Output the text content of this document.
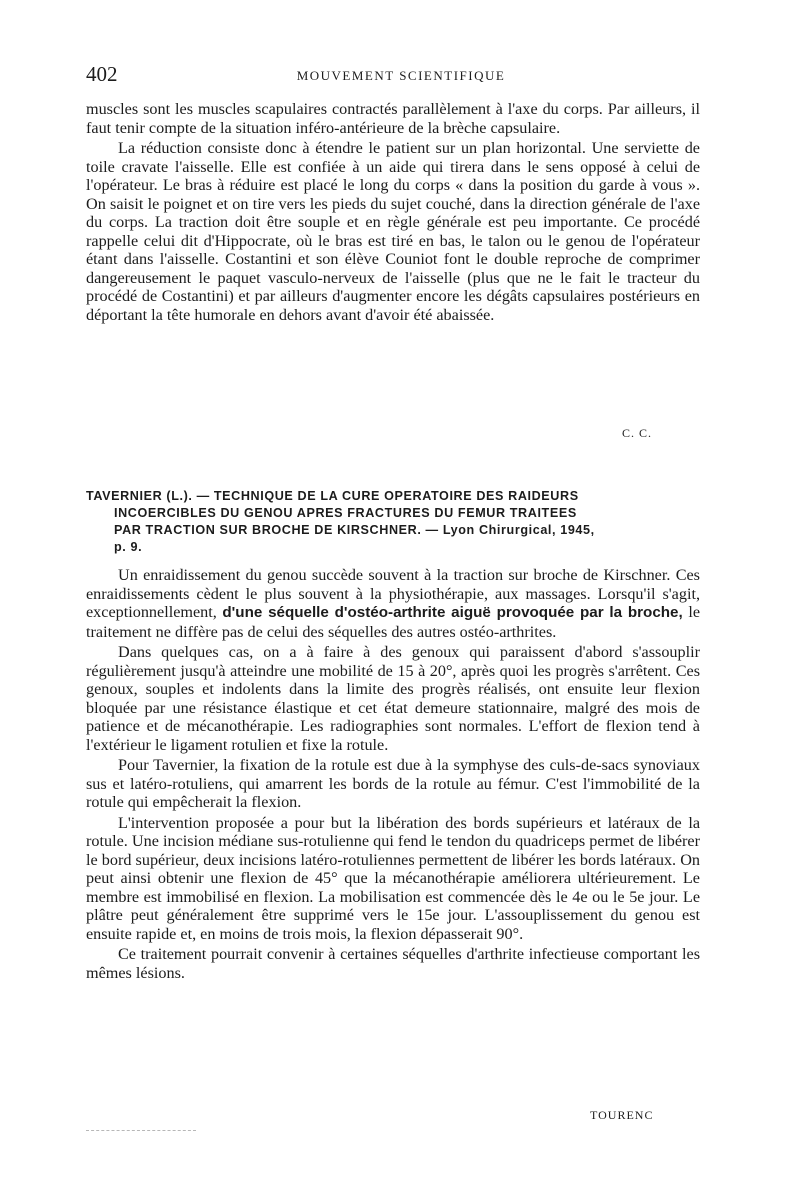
402	MOUVEMENT SCIENTIFIQUE

muscles sont les muscles scapulaires contractés parallèlement à l'axe du corps. Par ailleurs, il faut tenir compte de la situation inféro-antérieure de la brèche capsulaire.

La réduction consiste donc à étendre le patient sur un plan horizontal. Une serviette de toile cravate l'aisselle. Elle est confiée à un aide qui tirera dans le sens opposé à celui de l'opérateur. Le bras à réduire est placé le long du corps « dans la position du garde à vous ». On saisit le poignet et on tire vers les pieds du sujet couché, dans la direction générale de l'axe du corps. La traction doit être souple et en règle générale est peu importante. Ce procédé rappelle celui dit d'Hippocrate, où le bras est tiré en bas, le talon ou le genou de l'opérateur étant dans l'aisselle. Costantini et son élève Couniot font le double reproche de comprimer dangereusement le paquet vasculo-nerveux de l'aisselle (plus que ne le fait le tracteur du procédé de Costantini) et par ailleurs d'augmenter encore les dégâts capsulaires postérieurs en déportant la tête humorale en dehors avant d'avoir été abaissée.

C. C.
TAVERNIER (L.). — TECHNIQUE DE LA CURE OPERATOIRE DES RAIDEURS
INCOERCIBLES DU GENOU APRES FRACTURES DU FEMUR TRAITEES
PAR TRACTION SUR BROCHE DE KIRSCHNER. — Lyon Chirurgical, 1945,
p. 9.

Un enraidissement du genou succède souvent à la traction sur broche de Kirschner. Ces enraidissements cèdent le plus souvent à la physiothérapie, aux massages. Lorsqu'il s'agit, exceptionnellement, d'une séquelle d'ostéo-arthrite aiguë provoquée par la broche, le traitement ne diffère pas de celui des séquelles des autres ostéo-arthrites.

Dans quelques cas, on a à faire à des genoux qui paraissent d'abord s'assouplir régulièrement jusqu'à atteindre une mobilité de 15 à 20°, après quoi les progrès s'arrêtent. Ces genoux, souples et indolents dans la limite des progrès réalisés, ont ensuite leur flexion bloquée par une résistance élastique et cet état demeure stationnaire, malgré des mois de patience et de mécanothérapie. Les radiographies sont normales. L'effort de flexion tend à l'extérieur le ligament rotulien et fixe la rotule.

Pour Tavernier, la fixation de la rotule est due à la symphyse des culs-de-sacs synoviaux sus et latéro-rotuliens, qui amarrent les bords de la rotule au fémur. C'est l'immobilité de la rotule qui empêcherait la flexion.

L'intervention proposée a pour but la libération des bords supérieurs et latéraux de la rotule. Une incision médiane sus-rotulienne qui fend le tendon du quadriceps permet de libérer le bord supérieur, deux incisions latéro-rotuliennes permettent de libérer les bords latéraux. On peut ainsi obtenir une flexion de 45° que la mécanothérapie améliorera ultérieurement. Le membre est immobilisé en flexion. La mobilisation est commencée dès le 4e ou le 5e jour. Le plâtre peut généralement être supprimé vers le 15e jour. L'assouplissement du genou est ensuite rapide et, en moins de trois mois, la flexion dépasserait 90°.

Ce traitement pourrait convenir à certaines séquelles d'arthrite infectieuse comportant les mêmes lésions.

TOURENC
